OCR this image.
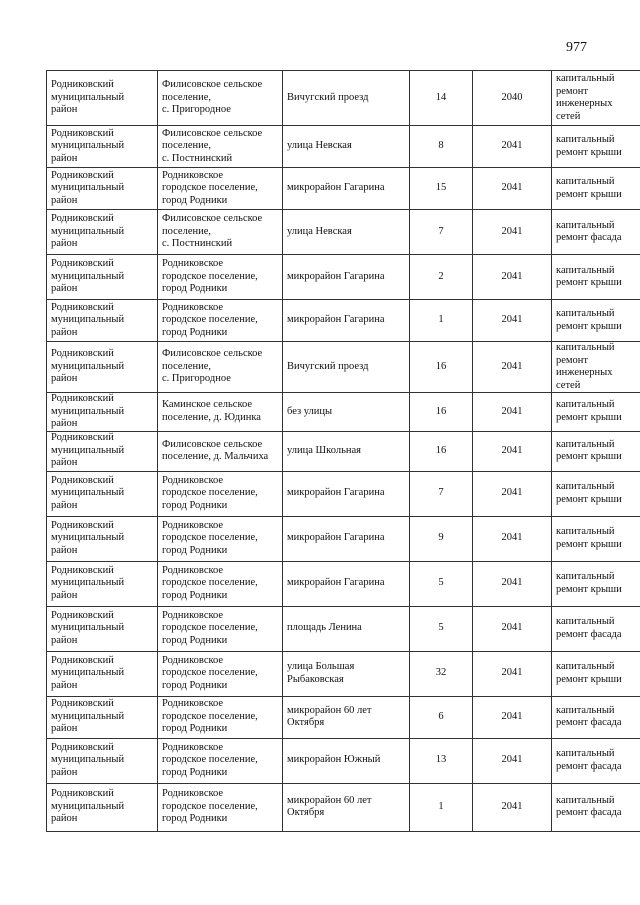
977
Родниковский
муниципальный
район	Филисовское сельское
поселение,
с. Пригородное	Вичугский проезд	14	2040	капитальный
ремонт
инженерных
сетей
Родниковский
муниципальный
район	Филисовское сельское
поселение,
с. Постнинский	улица Невская	8	2041	капитальный
ремонт крыши
Родниковский
муниципальный
район	Родниковское
городское поселение,
город Родники	микрорайон Гагарина	15	2041	капитальный
ремонт крыши
Родниковский
муниципальный
район	Филисовское сельское
поселение,
с. Постнинский	улица Невская	7	2041	капитальный
ремонт фасада
Родниковский
муниципальный
район	Родниковское
городское поселение,
город Родники	микрорайон Гагарина	2	2041	капитальный
ремонт крыши
Родниковский
муниципальный
район	Родниковское
городское поселение,
город Родники	микрорайон Гагарина	1	2041	капитальный
ремонт крыши
Родниковский
муниципальный
район	Филисовское сельское
поселение,
с. Пригородное	Вичугский проезд	16	2041	капитальный
ремонт
инженерных
сетей
Родниковский
муниципальный
район	Каминское сельское
поселение, д. Юдинка	без улицы	16	2041	капитальный
ремонт крыши
Родниковский
муниципальный
район	Филисовское сельское
поселение, д. Мальчиха	улица Школьная	16	2041	капитальный
ремонт крыши
Родниковский
муниципальный
район	Родниковское
городское поселение,
город Родники	микрорайон Гагарина	7	2041	капитальный
ремонт крыши
Родниковский
муниципальный
район	Родниковское
городское поселение,
город Родники	микрорайон Гагарина	9	2041	капитальный
ремонт крыши
Родниковский
муниципальный
район	Родниковское
городское поселение,
город Родники	микрорайон Гагарина	5	2041	капитальный
ремонт крыши
Родниковский
муниципальный
район	Родниковское
городское поселение,
город Родники	площадь Ленина	5	2041	капитальный
ремонт фасада
Родниковский
муниципальный
район	Родниковское
городское поселение,
город Родники	улица Большая
Рыбаковская	32	2041	капитальный
ремонт крыши
Родниковский
муниципальный
район	Родниковское
городское поселение,
город Родники	микрорайон 60 лет
Октября	6	2041	капитальный
ремонт фасада
Родниковский
муниципальный
район	Родниковское
городское поселение,
город Родники	микрорайон Южный	13	2041	капитальный
ремонт фасада
Родниковский
муниципальный
район	Родниковское
городское поселение,
город Родники	микрорайон 60 лет
Октября	1	2041	капитальный
ремонт фасада
